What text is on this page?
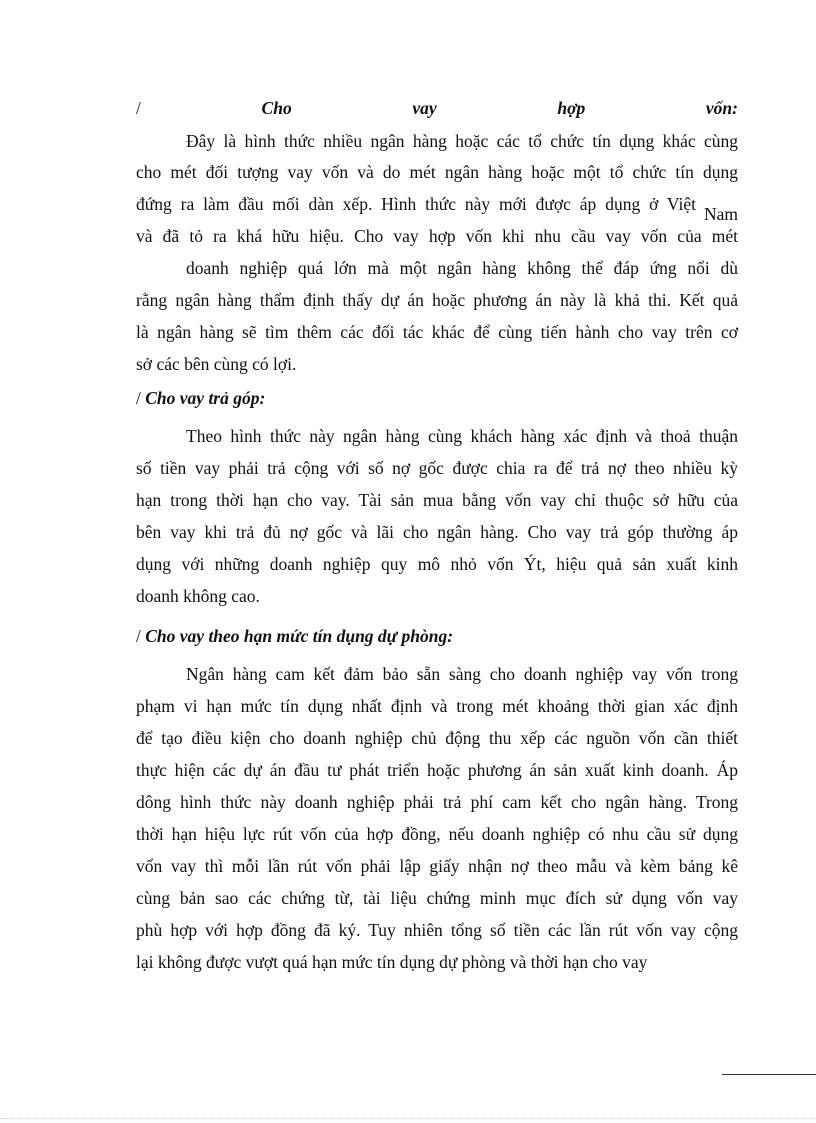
/	Cho	vay	hợp	vốn:
Đây là hình thức nhiều ngân hàng hoặc các tổ chức tín dụng khác cùng
cho mét đối tượng vay vốn và do mét ngân hàng hoặc một tổ chức tín dụng
đứng ra làm đầu mối dàn xếp. Hình thức này mới được áp dụng ở Việt Nam
và đã tỏ ra khá hữu hiệu. Cho vay hợp vốn khi nhu cầu vay vốn của mét
doanh nghiệp quá lớn mà một ngân hàng không thể đáp ứng nổi dù
rằng ngân hàng thẩm định thấy dự án hoặc phương án này là khả thi. Kết quả
là ngân hàng sẽ tìm thêm các đối tác khác để cùng tiến hành cho vay trên cơ
sở các bên cùng có lợi.
/ Cho vay trả góp:
Theo hình thức này ngân hàng cùng khách hàng xác định và thoả thuận
số tiền vay phải trả cộng với số nợ gốc được chia ra để trả nợ theo nhiều kỳ
hạn trong thời hạn cho vay. Tài sản mua bằng vốn vay chỉ thuộc sở hữu của
bên vay khi trả đủ nợ gốc và lãi cho ngân hàng. Cho vay trả góp thường áp
dụng với những doanh nghiệp quy mô nhỏ vốn Ýt, hiệu quả sản xuất kinh
doanh không cao.
/ Cho vay theo hạn mức tín dụng dự phòng:
Ngân hàng cam kết đảm bảo sẵn sàng cho doanh nghiệp vay vốn trong
phạm vi hạn mức tín dụng nhất định và trong mét khoảng thời gian xác định
để tạo điều kiện cho doanh nghiệp chủ động thu xếp các nguồn vốn cần thiết
thực hiện các dự án đầu tư phát triển hoặc phương án sản xuất kinh doanh. Áp
dông hình thức này doanh nghiệp phải trả phí cam kết cho ngân hàng. Trong
thời hạn hiệu lực rút vốn của hợp đồng, nếu doanh nghiệp có nhu cầu sử dụng
vốn vay thì mỗi lần rút vốn phải lập giấy nhận nợ theo mẫu và kèm bảng kê
cùng bản sao các chứng từ, tài liệu chứng minh mục đích sử dụng vốn vay
phù hợp với hợp đồng đã ký. Tuy nhiên tổng số tiền các lần rút vốn vay cộng
lại không được vượt quá hạn mức tín dụng dự phòng và thời hạn cho vay
